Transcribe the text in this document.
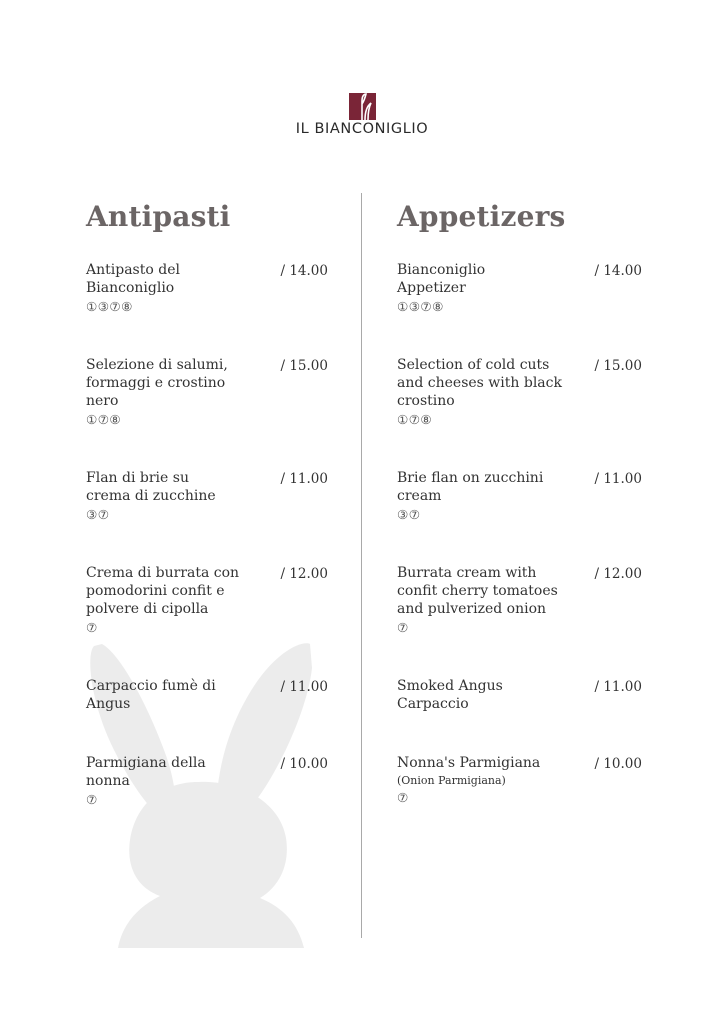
IL BIANCONIGLIO
Antipasti
Antipasto del Bianconiglio
①③⑦⑧
/ 14.00
Selezione di salumi, formaggi e crostino nero
①⑦⑧
/ 15.00
Flan di brie su crema di zucchine
③⑦
/ 11.00
Crema di burrata con pomodorini confit e polvere di cipolla
⑦
/ 12.00
Carpaccio fumè di Angus
/ 11.00
Parmigiana della nonna
⑦
/ 10.00
Appetizers
Bianconiglio Appetizer
①③⑦⑧
/ 14.00
Selection of cold cuts and cheeses with black crostino
①⑦⑧
/ 15.00
Brie flan on zucchini cream
③⑦
/ 11.00
Burrata cream with confit cherry tomatoes and pulverized onion
⑦
/ 12.00
Smoked Angus Carpaccio
/ 11.00
Nonna's Parmigiana
(Onion Parmigiana)
⑦
/ 10.00
